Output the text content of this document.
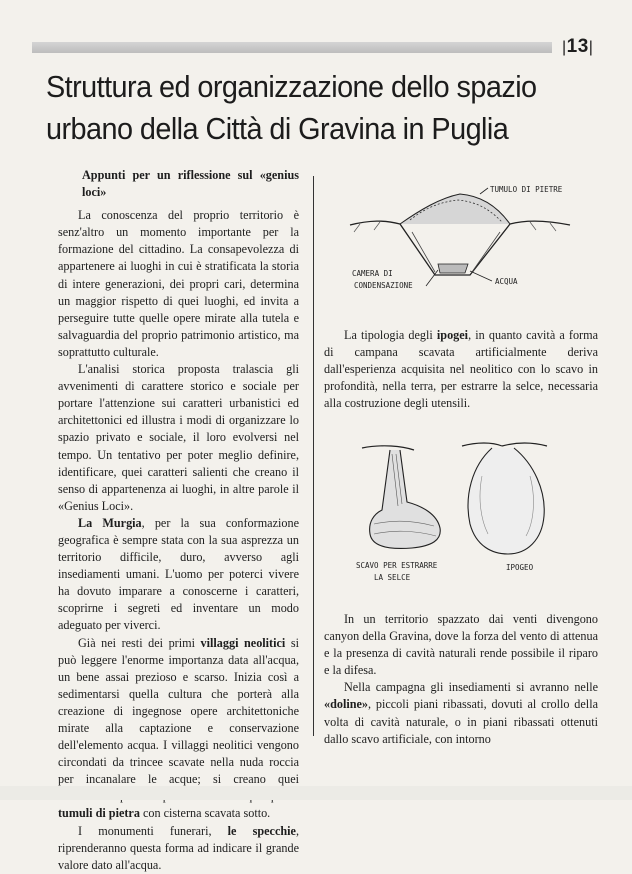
|13|
Struttura ed organizzazione dello spazio urbano della Città di Gravina in Puglia
Appunti per un riflessione sul «genius loci»

La conoscenza del proprio territorio è senz'altro un momento importante per la formazione del cittadino. La consapevolezza di appartenere ai luoghi in cui è stratificata la storia di intere generazioni, dei propri cari, determina un maggior rispetto di quei luoghi, ed invita a perseguire tutte quelle opere mirate alla tutela e salvaguardia del proprio patrimonio artistico, ma soprattutto culturale.

L'analisi storica proposta tralascia gli avvenimenti di carattere storico e sociale per portare l'attenzione sui caratteri urbanistici ed architettonici ed illustra i modi di organizzare lo spazio privato e sociale, il loro evolversi nel tempo. Un tentativo per poter meglio definire, identificare, quei caratteri salienti che creano il senso di appartenenza ai luoghi, in altre parole il «Genius Loci».

La Murgia, per la sua conformazione geografica è sempre stata con la sua asprezza un territorio difficile, duro, avverso agli insediamenti umani. L'uomo per poterci vivere ha dovuto imparare a conoscerne i caratteri, scoprirne i segreti ed inventare un modo adeguato per viverci.

Già nei resti dei primi villaggi neolitici si può leggere l'enorme importanza data all'acqua, un bene assai prezioso e scarso. Inizia così a sedimentarsi quella cultura che porterà alla creazione di ingegnose opere architettoniche mirate alla captazione e conservazione dell'elemento acqua. I villaggi neolitici vengono circondati da trincee scavate nella nuda roccia per incanalare le acque; si creano quei tumuli di pietra con cisterna scavata sotto.

I monumenti funerari, le specchie, riprenderanno questa forma ad indicare il grande valore dato all'acqua.

TUMULO DI PIETRE
CAMERA DI
CONDENSAZIONE	ACQUA

La tipologia degli ipogei, in quanto cavità a forma di campana scavata artificialmente deriva dall'esperienza acquisita nel neolitico con lo scavo in profondità, nella terra, per estrarre la selce, necessaria alla costruzione degli utensili.

SCAVO PER ESTRARRE
LA SELCE
IPOGEO

In un territorio spazzato dai venti divengono canyon della Gravina, dove la forza del vento di attenua e la presenza di cavità naturali rende possibile il riparo e la difesa.

Nella campagna gli insediamenti si avranno nelle «doline», piccoli piani ribassati, dovuti al crollo della volta di cavità naturale, o in piani ribassati ottenuti dallo scavo artificiale, con intorno
